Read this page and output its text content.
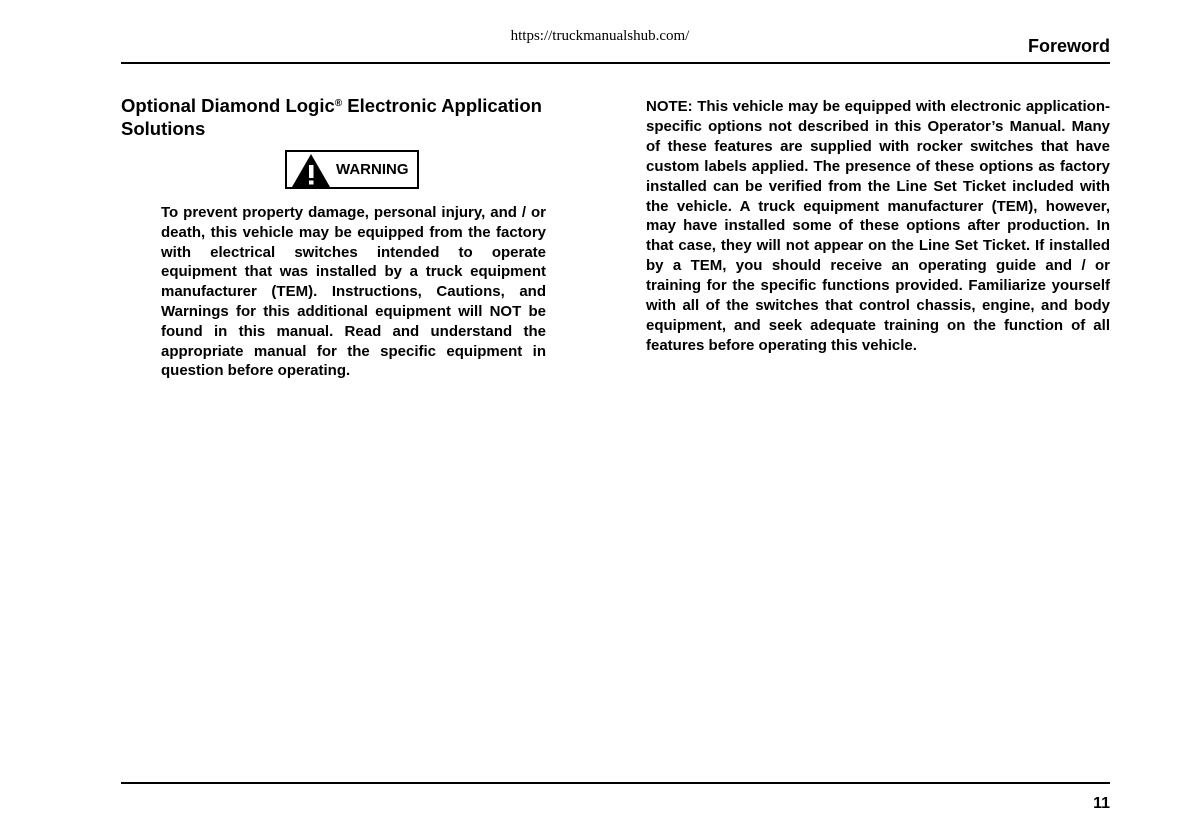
https://truckmanualshub.com/	Foreword
Optional Diamond Logic® Electronic Application Solutions
WARNING

To prevent property damage, personal injury, and / or death, this vehicle may be equipped from the factory with electrical switches intended to operate equipment that was installed by a truck equipment manufacturer (TEM). Instructions, Cautions, and Warnings for this additional equipment will NOT be found in this manual. Read and understand the appropriate manual for the specific equipment in question before operating.

NOTE: This vehicle may be equipped with electronic application-specific options not described in this Operator’s Manual. Many of these features are supplied with rocker switches that have custom labels applied. The presence of these options as factory installed can be verified from the Line Set Ticket included with the vehicle. A truck equipment manufacturer (TEM), however, may have installed some of these options after production. In that case, they will not appear on the Line Set Ticket. If installed by a TEM, you should receive an operating guide and / or training for the specific functions provided. Familiarize yourself with all of the switches that control chassis, engine, and body equipment, and seek adequate training on the function of all features before operating this vehicle.

11
